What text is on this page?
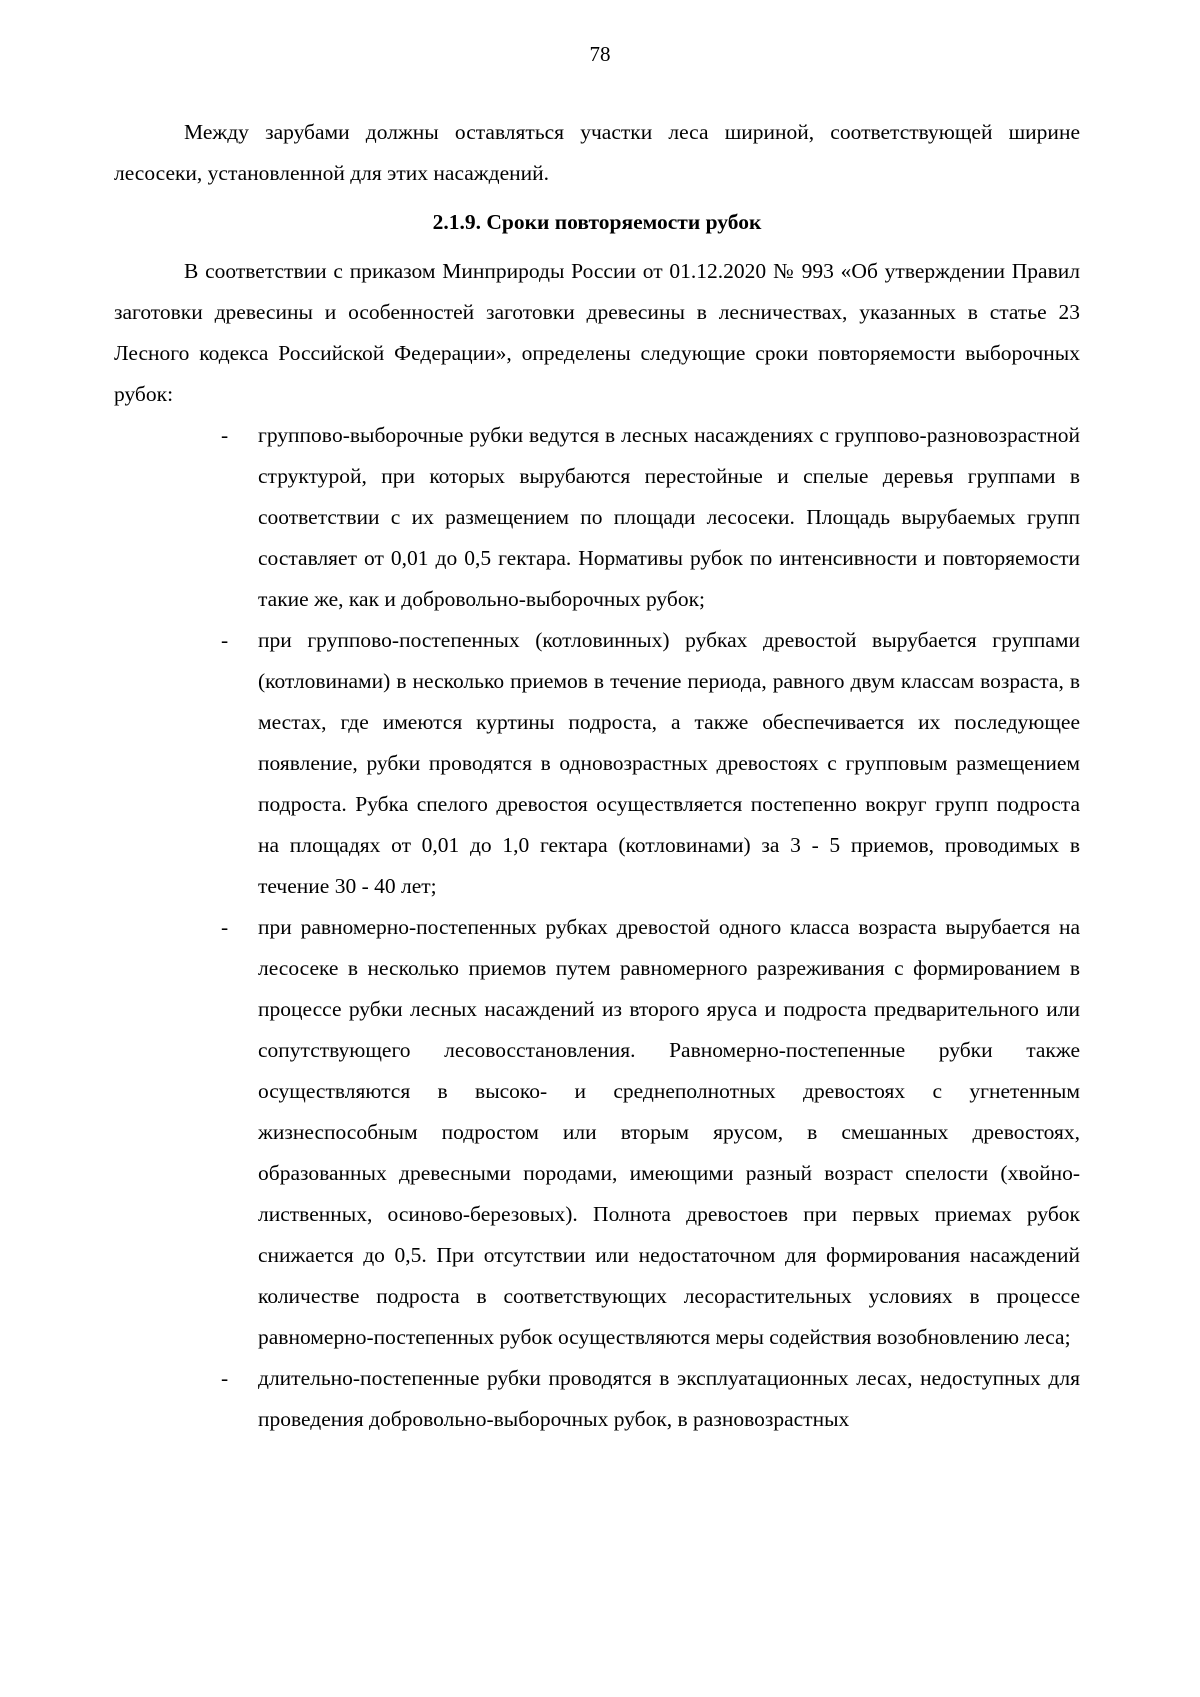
78

Между зарубами должны оставляться участки леса шириной, соответствующей ширине лесосеки, установленной для этих насаждений.

2.1.9. Сроки повторяемости рубок

В соответствии с приказом Минприроды России от 01.12.2020 № 993 «Об утверждении Правил заготовки древесины и особенностей заготовки древесины в лесничествах, указанных в статье 23 Лесного кодекса Российской Федерации», определены следующие сроки повторяемости выборочных рубок:

- групповo-выборочные рубки ведутся в лесных насаждениях с групповo-разновозрастной структурой, при которых вырубаются перестойные и спелые деревья группами в соответствии с их размещением по площади лесосеки. Площадь вырубаемых групп составляет от 0,01 до 0,5 гектара. Нормативы рубок по интенсивности и повторяемости такие же, как и добровольно-выборочных рубок;
- при группово-постепенных (котловинных) рубках древостой вырубается группами (котловинами) в несколько приемов в течение периода, равного двум классам возраста, в местах, где имеются куртины подроста, а также обеспечивается их последующее появление, рубки проводятся в одновозрастных древостоях с групповым размещением подроста. Рубка спелого древостоя осуществляется постепенно вокруг групп подроста на площадях от 0,01 до 1,0 гектара (котловинами) за 3 - 5 приемов, проводимых в течение 30 - 40 лет;
- при равномерно-постепенных рубках древостой одного класса возраста вырубается на лесосеке в несколько приемов путем равномерного разреживания с формированием в процессе рубки лесных насаждений из второго яруса и подроста предварительного или сопутствующего лесовосстановления. Равномерно-постепенные рубки также осуществляются в высоко- и среднеполнотных древостоях с угнетенным жизнеспособным подростом или вторым ярусом, в смешанных древостоях, образованных древесными породами, имеющими разный возраст спелости (хвойно-лиственных, осиново-березовых). Полнота древостоев при первых приемах рубок снижается до 0,5. При отсутствии или недостаточном для формирования насаждений количестве подроста в соответствующих лесорастительных условиях в процессе равномерно-постепенных рубок осуществляются меры содействия возобновлению леса;
- длительно-постепенные рубки проводятся в эксплуатационных лесах, недоступных для проведения добровольно-выборочных рубок, в разновозрастных
